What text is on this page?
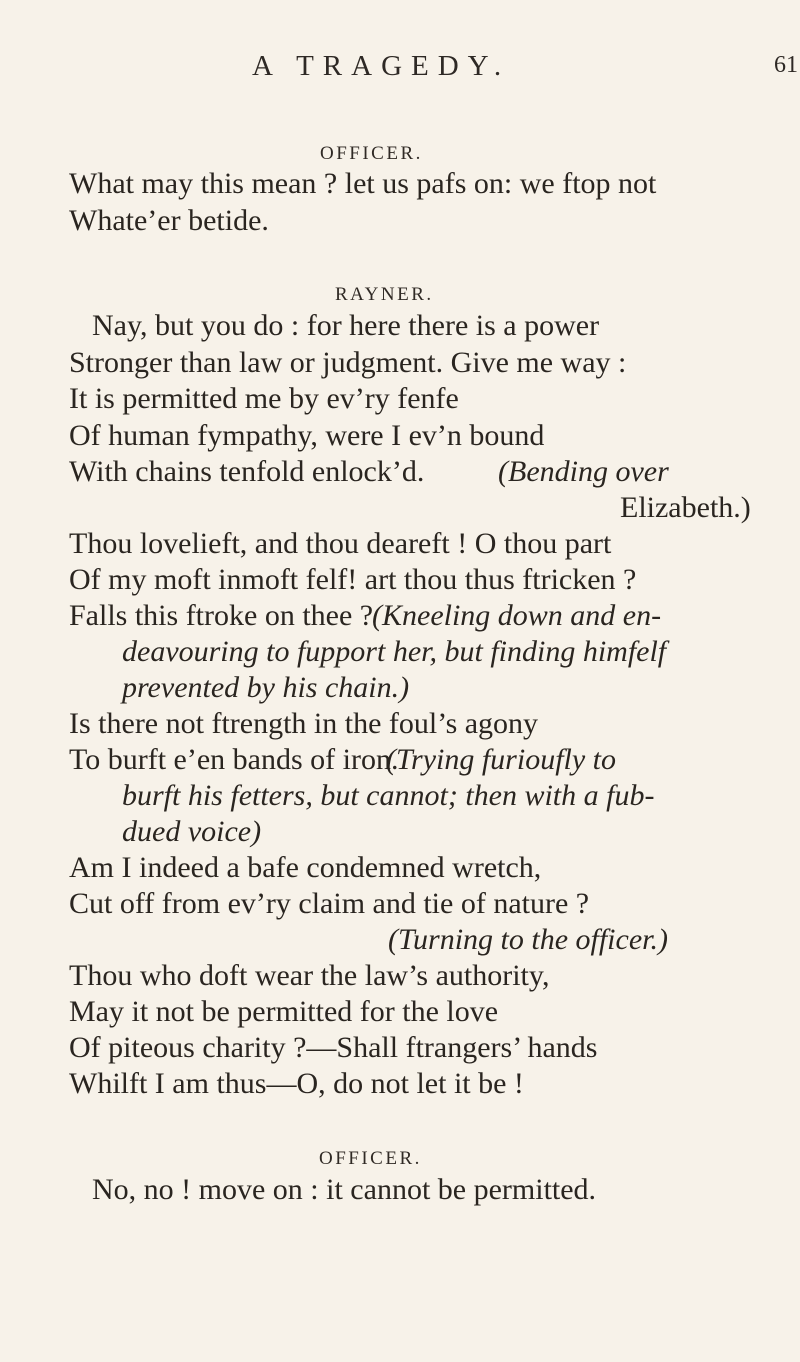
A TRAGEDY.	61
OFFICER.
What may this mean ? let us pafs on: we ftop not
Whate’er betide.
RAYNER.
Nay, but you do : for here there is a power
Stronger than law or judgment. Give me way :
It is permitted me by ev’ry fenfe
Of human fympathy, were I ev’n bound
With chains tenfold enlock’d. (Bending over
Elizabeth.)
Thou lovelieft, and thou deareft ! O thou part
Of my moft inmoft felf! art thou thus ftricken ?
Falls this ftroke on thee ?
(Kneeling down and en-
deavouring to fupport her, but finding himfelf
prevented by his chain.)
Is there not ftrength in the foul’s agony
To burft e’en bands of iron.
(Trying furioufly to
burft his fetters, but cannot; then with a fub-
dued voice)
Am I indeed a bafe condemned wretch,
Cut off from ev’ry claim and tie of nature ?
(Turning to the officer.)
Thou who doft wear the law’s authority,
May it not be permitted for the love
Of piteous charity ?—Shall ftrangers’ hands
Whilft I am thus—O, do not let it be !
OFFICER.
No, no ! move on : it cannot be permitted.
